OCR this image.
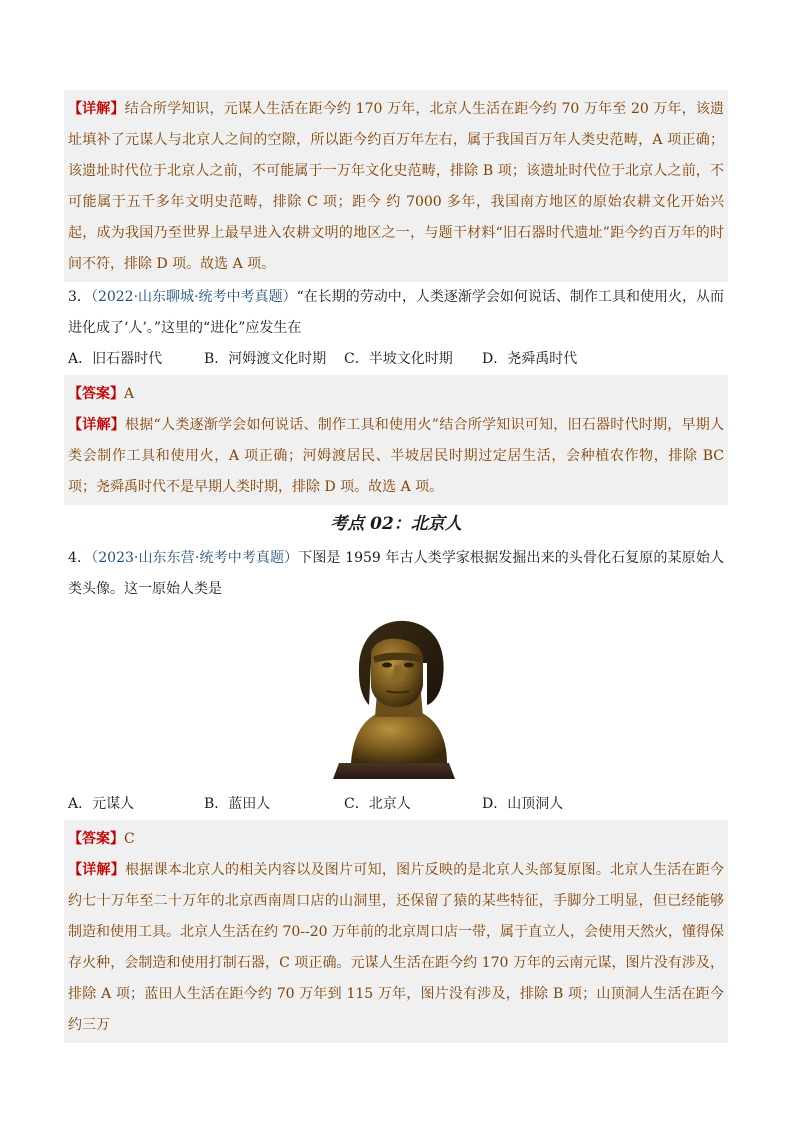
【详解】结合所学知识，元谋人生活在距今约 170 万年，北京人生活在距今约 70 万年至 20 万年，该遗址填补了元谋人与北京人之间的空隙，所以距今约百万年左右，属于我国百万年人类史范畴，A 项正确；该遗址时代位于北京人之前，不可能属于一万年文化史范畴，排除 B 项；该遗址时代位于北京人之前，不可能属于五千多年文明史范畴，排除 C 项；距今 约 7000 多年，我国南方地区的原始农耕文化开始兴起，成为我国乃至世界上最早进入农耕文明的地区之一，与题干材料“旧石器时代遗址”距今约百万年的时间不符，排除 D 项。故选 A 项。

3．（2022·山东聊城·统考中考真题）“在长期的劳动中，人类逐渐学会如何说话、制作工具和使用火，从而进化成了‘人’。”这里的“进化”应发生在

A．旧石器时代	B．河姆渡文化时期	C．半坡文化时期	D．尧舜禹时代

【答案】A

【详解】根据“人类逐渐学会如何说话、制作工具和使用火”结合所学知识可知，旧石器时代时期，早期人类会制作工具和使用火，A 项正确；河姆渡居民、半坡居民时期过定居生活，会种植农作物，排除 BC 项；尧舜禹时代不是早期人类时期，排除 D 项。故选 A 项。

考点 02：北京人

4．（2023·山东东营·统考中考真题）下图是 1959 年古人类学家根据发掘出来的头骨化石复原的某原始人类头像。这一原始人类是

A．元谋人	B．蓝田人	C．北京人	D．山顶洞人

【答案】C

【详解】根据课本北京人的相关内容以及图片可知，图片反映的是北京人头部复原图。北京人生活在距今约七十万年至二十万年的北京西南周口店的山洞里，还保留了猿的某些特征，手脚分工明显，但已经能够制造和使用工具。北京人生活在约 70--20 万年前的北京周口店一带，属于直立人，会使用天然火，懂得保存火种，会制造和使用打制石器，C 项正确。元谋人生活在距今约 170 万年的云南元谋，图片没有涉及，排除 A 项；蓝田人生活在距今约 70 万年到 115 万年，图片没有涉及，排除 B 项；山顶洞人生活在距今约三万
